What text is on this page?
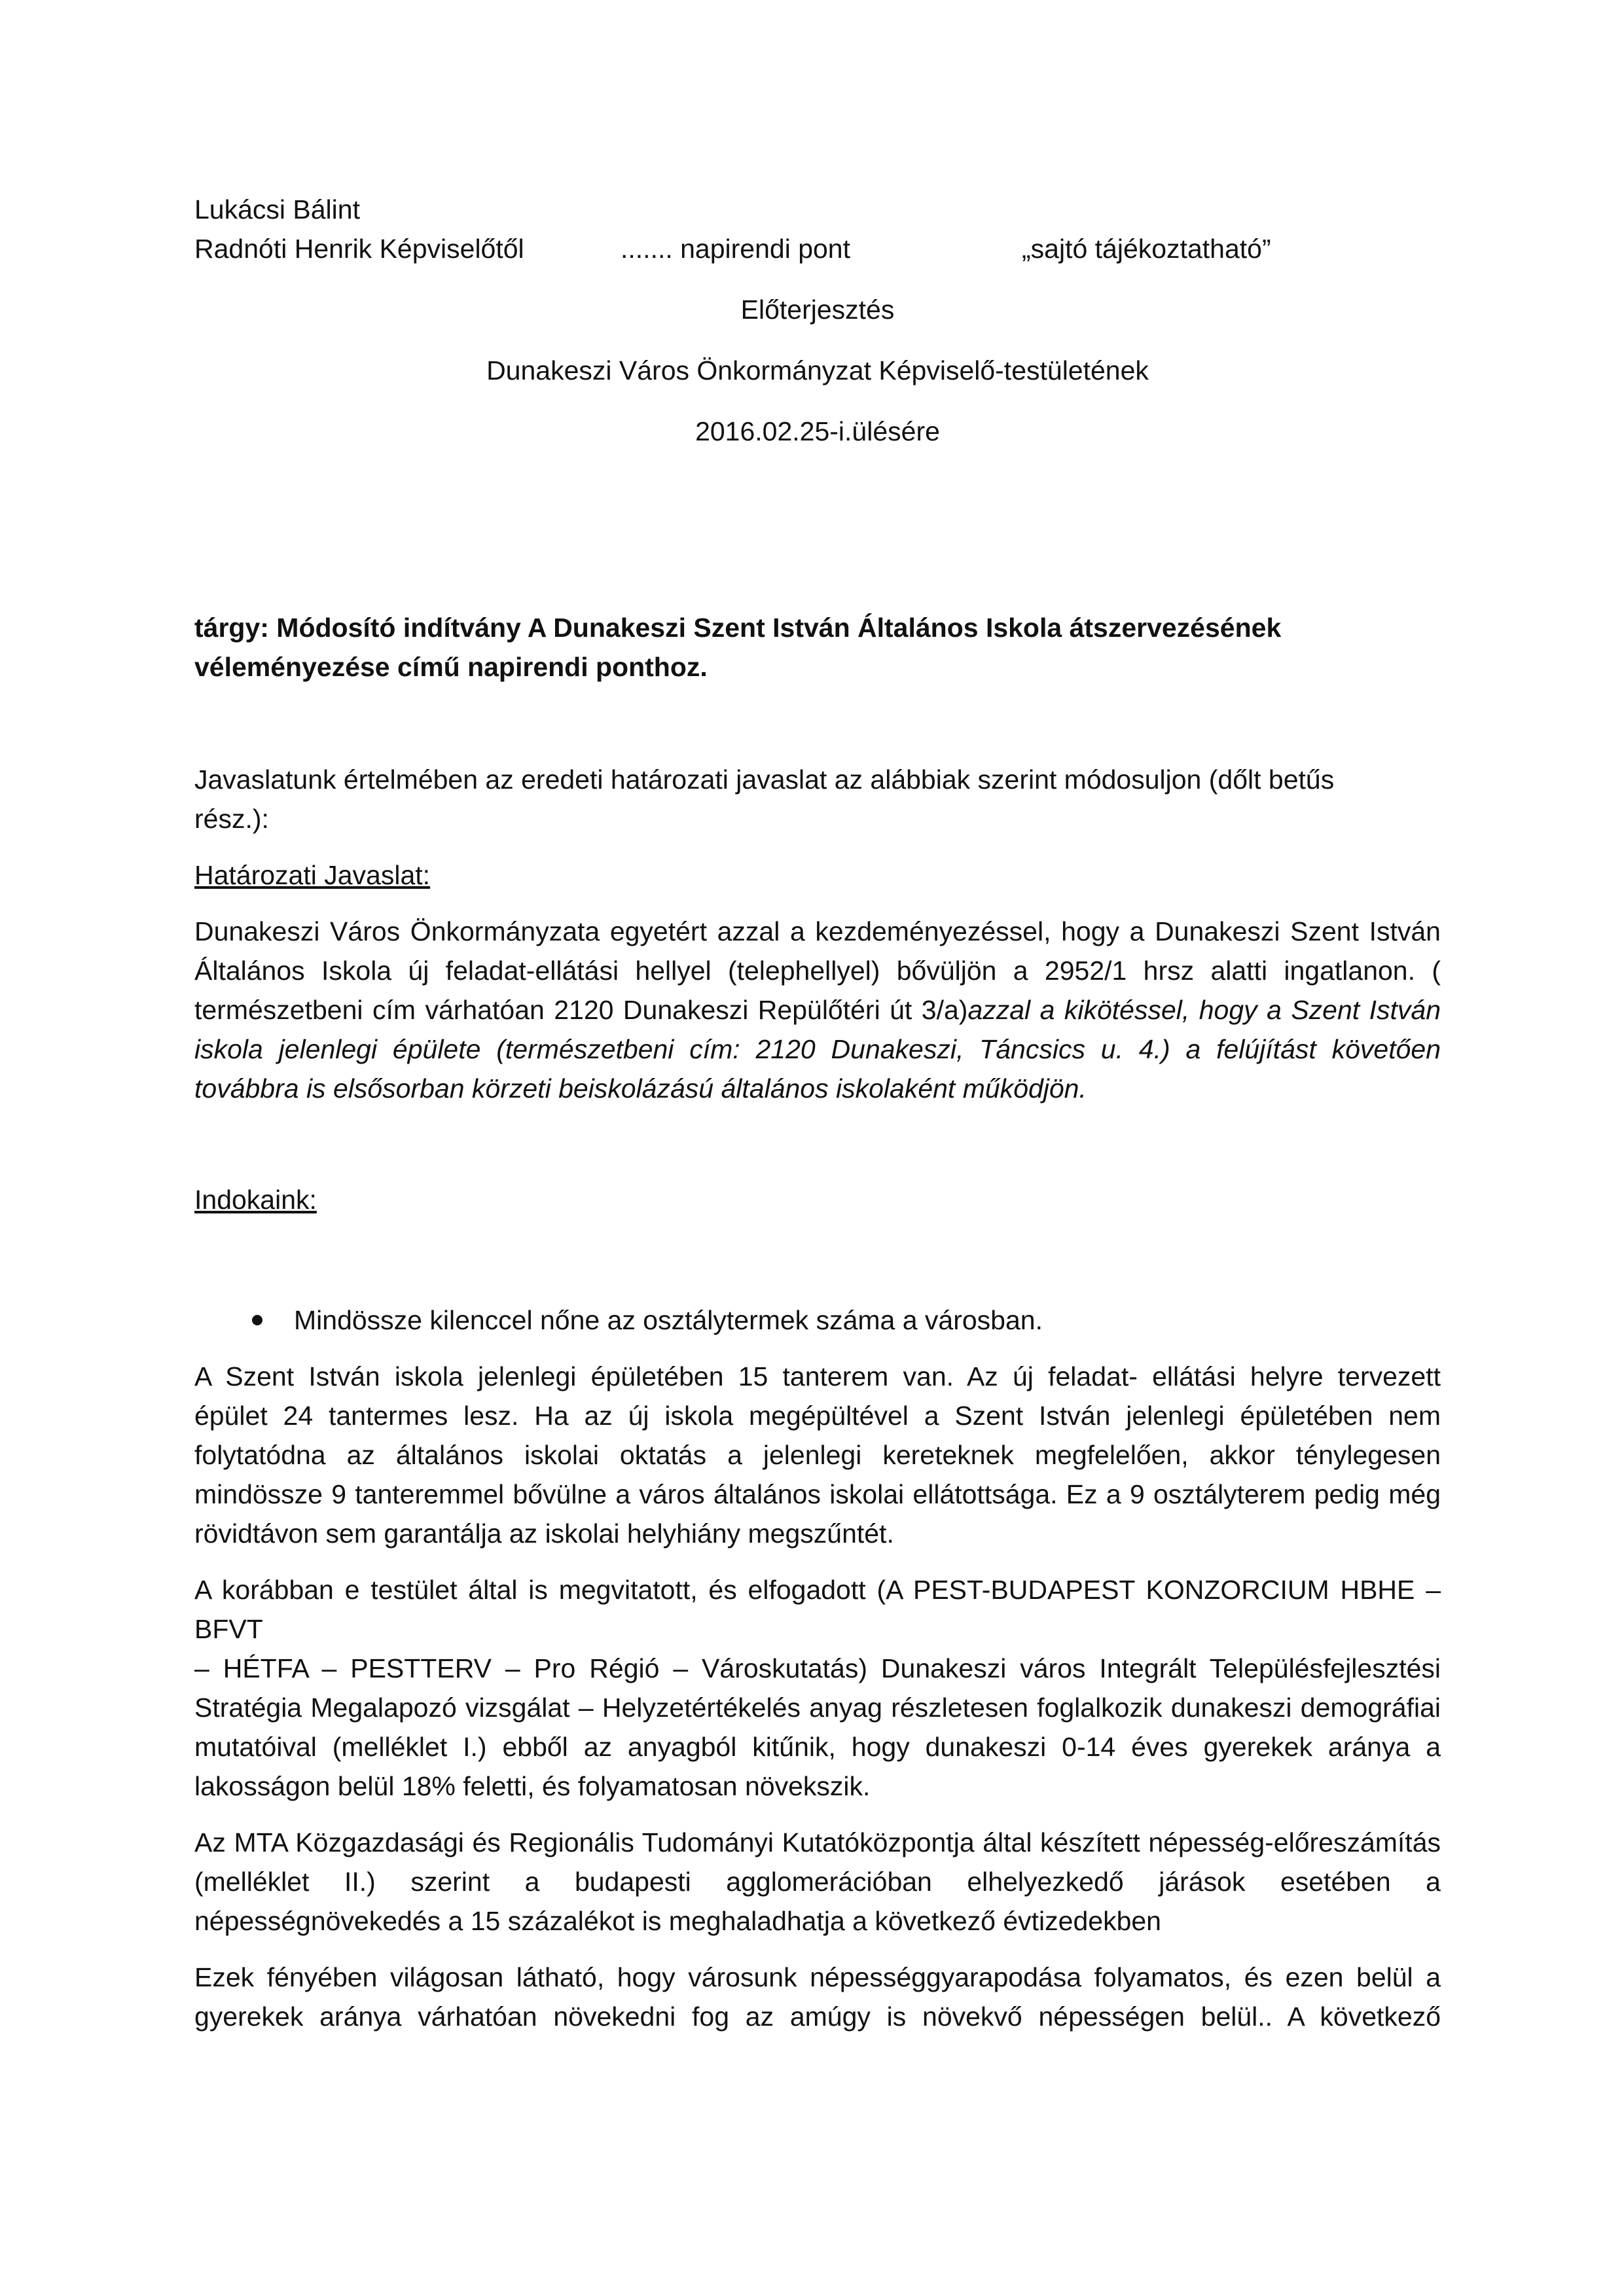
Lukácsi Bálint

Radnóti Henrik Képviselőtől	....... napirendi pont	„sajtó tájékoztatható”

Előterjesztés

Dunakeszi Város Önkormányzat Képviselő-testületének

2016.02.25-i.ülésére

tárgy: Módosító indítvány A Dunakeszi Szent István Általános Iskola átszervezésének

véleményezése című napirendi ponthoz.

Javaslatunk értelmében az eredeti határozati javaslat az alábbiak szerint módosuljon (dőlt betűs

rész.):

Határozati Javaslat:

Dunakeszi Város Önkormányzata egyetért azzal a kezdeményezéssel, hogy a Dunakeszi Szent István

Általános Iskola új feladat-ellátási hellyel (telephellyel) bővüljön a 2952/1 hrsz alatti ingatlanon. (

természetbeni cím várhatóan 2120 Dunakeszi Repülőtéri út 3/a)azzal a kikötéssel, hogy a Szent István

iskola jelenlegi épülete (természetbeni cím: 2120 Dunakeszi, Táncsics u. 4.) a felújítást követően

továbbra is elsősorban körzeti beiskolázású általános iskolaként működjön.

Indokaink:

Mindössze kilenccel nőne az osztálytermek száma a városban.

A Szent István iskola jelenlegi épületében 15 tanterem van. Az új feladat- ellátási helyre tervezett

épület 24 tantermes lesz. Ha az új iskola megépültével a Szent István jelenlegi épületében nem

folytatódna az általános iskolai oktatás a jelenlegi kereteknek megfelelően, akkor ténylegesen

mindössze 9 tanteremmel bővülne a város általános iskolai ellátottsága. Ez a 9 osztályterem pedig még

rövidtávon sem garantálja az iskolai helyhiány megszűntét.

A korábban e testület által is megvitatott, és elfogadott (A PEST-BUDAPEST KONZORCIUM HBHE – BFVT

– HÉTFA – PESTTERV – Pro Régió – Városkutatás) Dunakeszi város Integrált Településfejlesztési

Stratégia Megalapozó vizsgálat – Helyzetértékelés anyag részletesen foglalkozik dunakeszi demográfiai

mutatóival (melléklet I.) ebből az anyagból kitűnik, hogy dunakeszi 0-14 éves gyerekek aránya a

lakosságon belül 18% feletti, és folyamatosan növekszik.

Az MTA Közgazdasági és Regionális Tudományi Kutatóközpontja által készített népesség-előreszámítás

(melléklet II.) szerint a budapesti agglomerációban elhelyezkedő járások esetében a

népességnövekedés a 15 százalékot is meghaladhatja a következő évtizedekben

Ezek fényében világosan látható, hogy városunk népességgyarapodása folyamatos, és ezen belül a

gyerekek aránya várhatóan növekedni fog az amúgy is növekvő népességen belül.. A következő
